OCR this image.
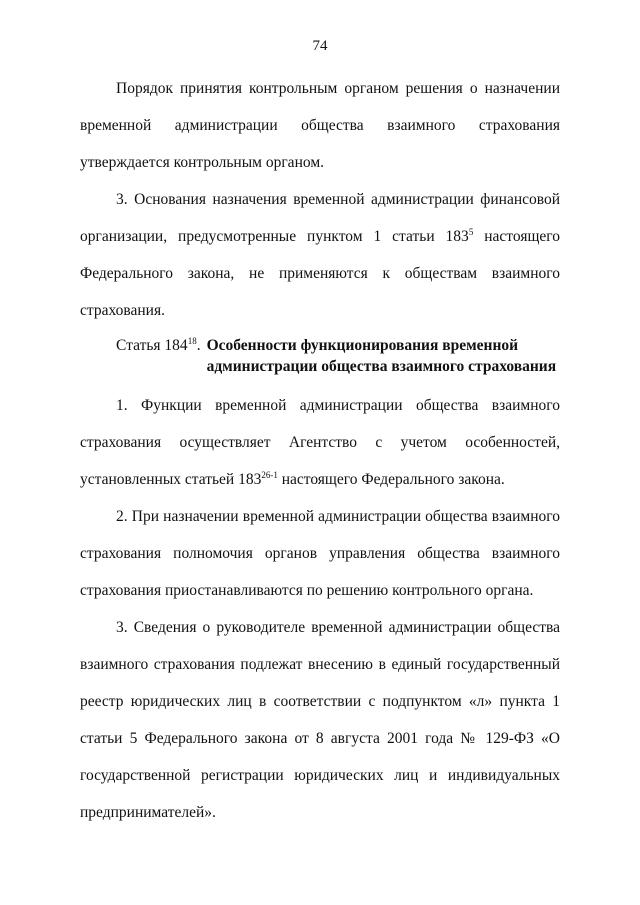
74

Порядок принятия контрольным органом решения о назначении временной администрации общества взаимного страхования утверждается контрольным органом.

3. Основания назначения временной администрации финансовой организации, предусмотренные пунктом 1 статьи $183^5$ настоящего Федерального закона, не применяются к обществам взаимного страхования.

Статья $184^{18}$. Особенности функционирования временной администрации общества взаимного страхования

1. Функции временной администрации общества взаимного страхования осуществляет Агентство с учетом особенностей, установленных статьей 183$^{26-1}$ настоящего Федерального закона.

2. При назначении временной администрации общества взаимного страхования полномочия органов управления общества взаимного страхования приостанавливаются по решению контрольного органа.

3. Сведения о руководителе временной администрации общества взаимного страхования подлежат внесению в единый государственный реестр юридических лиц в соответствии с подпунктом «л» пункта 1 статьи 5 Федерального закона от 8 августа 2001 года № 129-ФЗ «О государственной регистрации юридических лиц и индивидуальных предпринимателей».
